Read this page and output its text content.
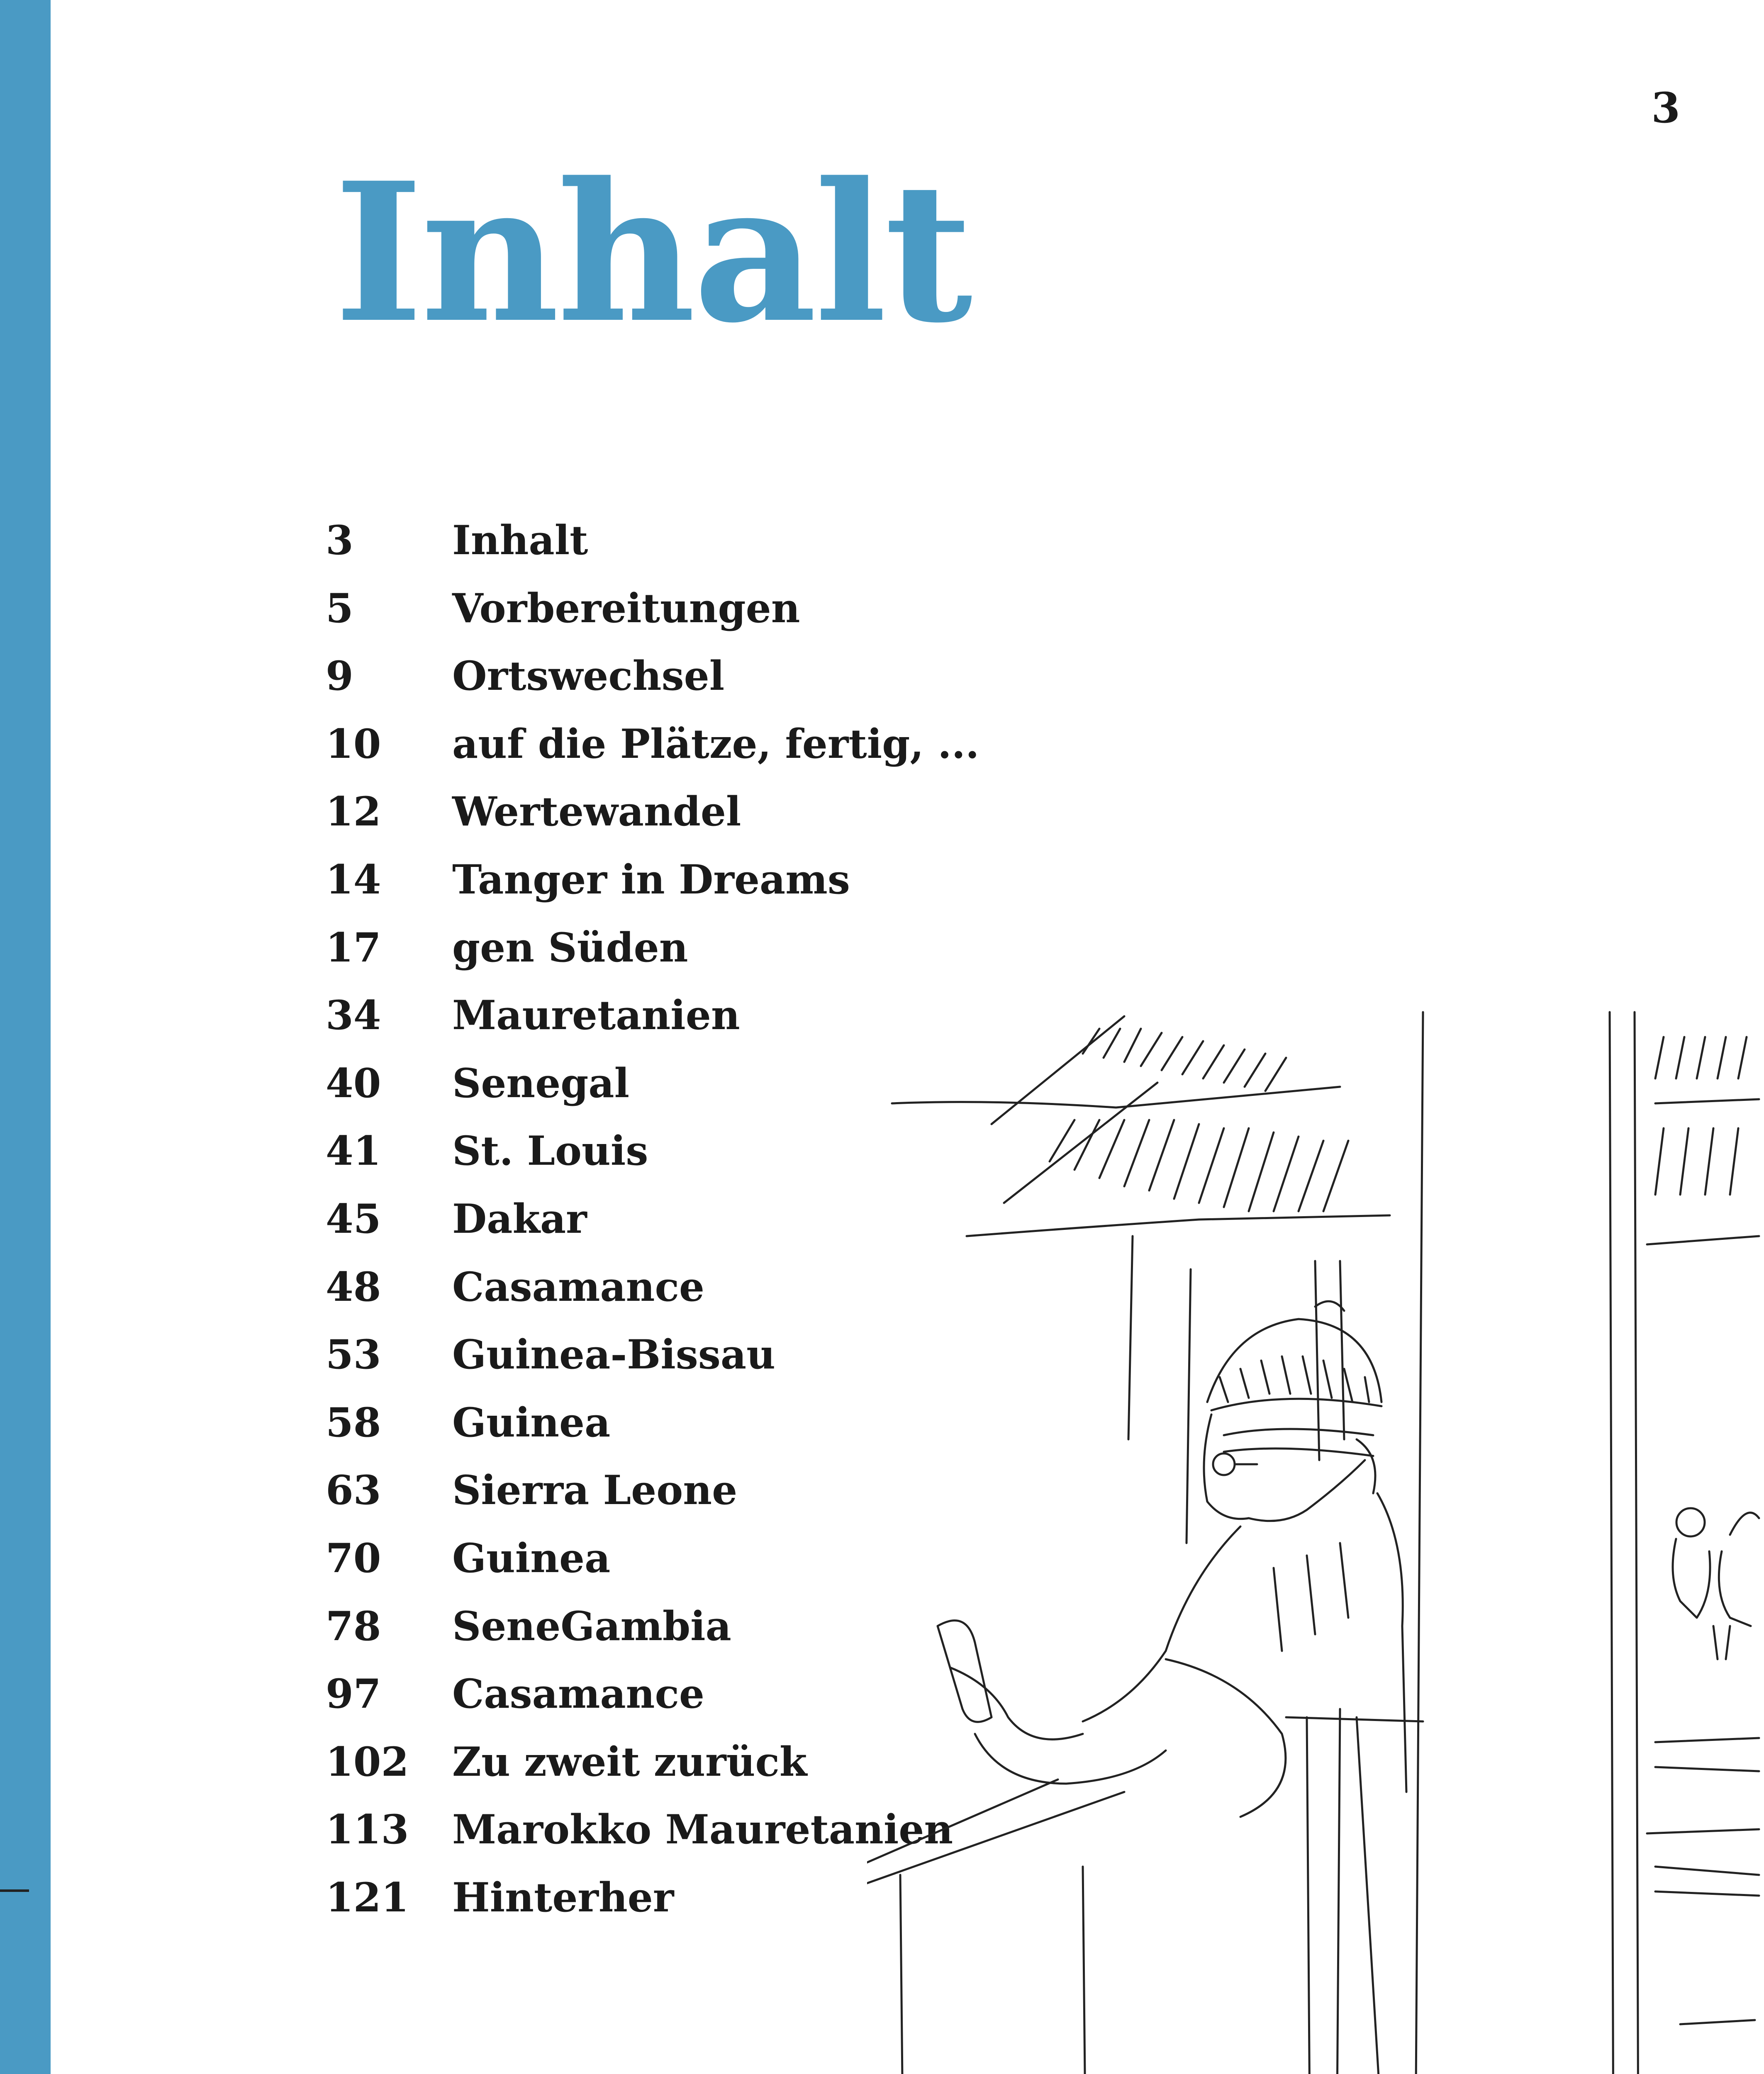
3
Inhalt
3	Inhalt
5	Vorbereitungen
9	Ortswechsel
10	auf die Plätze, fertig, ...
12	Wertewandel
14	Tanger in Dreams
17	gen Süden
34	Mauretanien
40	Senegal
41	St. Louis
45	Dakar
48	Casamance
53	Guinea-Bissau
58	Guinea
63	Sierra Leone
70	Guinea
78	SeneGambia
97	Casamance
102	Zu zweit zurück
113	Marokko Mauretanien
121	Hinterher
